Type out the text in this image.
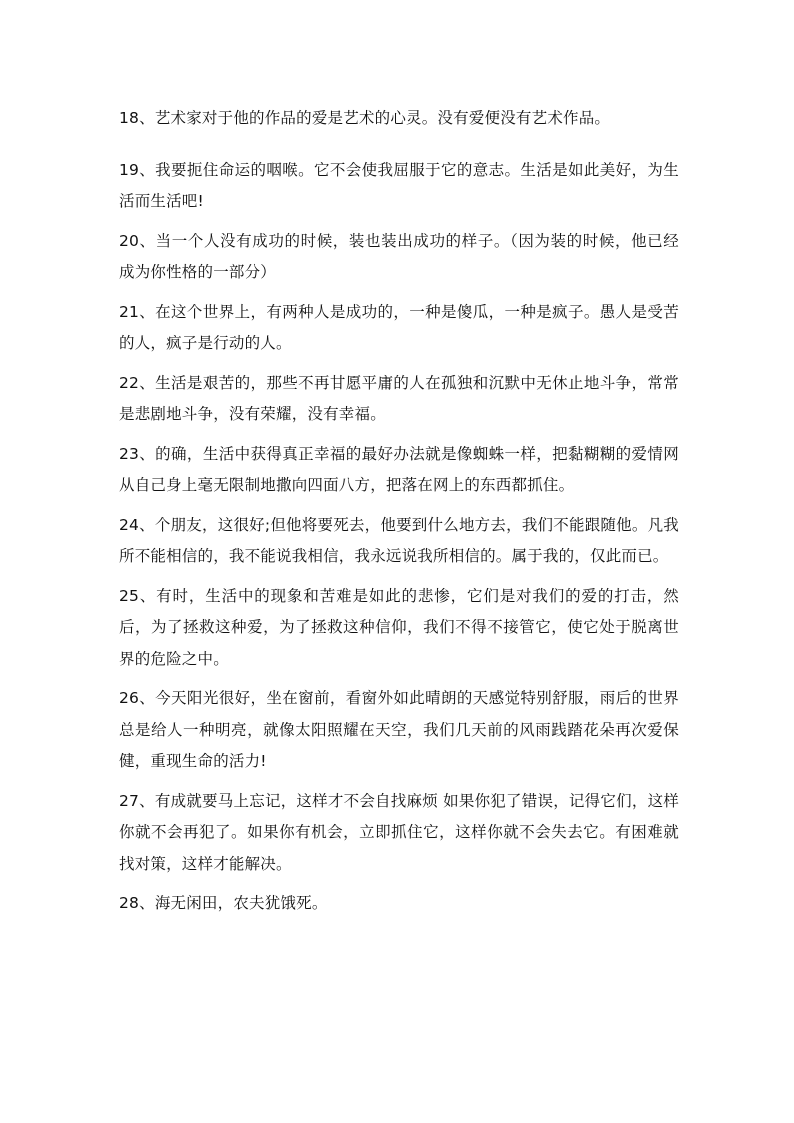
18、艺术家对于他的作品的爱是艺术的心灵。没有爱便没有艺术作品。

19、我要扼住命运的咽喉。它不会使我屈服于它的意志。生活是如此美好，为生活而生活吧!

20、当一个人没有成功的时候，装也装出成功的样子。（因为装的时候，他已经成为你性格的一部分）

21、在这个世界上，有两种人是成功的，一种是傻瓜，一种是疯子。愚人是受苦的人，疯子是行动的人。

22、生活是艰苦的，那些不再甘愿平庸的人在孤独和沉默中无休止地斗争，常常是悲剧地斗争，没有荣耀，没有幸福。

23、的确，生活中获得真正幸福的最好办法就是像蜘蛛一样，把黏糊糊的爱情网从自己身上毫无限制地撒向四面八方，把落在网上的东西都抓住。

24、个朋友，这很好;但他将要死去，他要到什么地方去，我们不能跟随他。凡我所不能相信的，我不能说我相信，我永远说我所相信的。属于我的，仅此而已。

25、有时，生活中的现象和苦难是如此的悲惨，它们是对我们的爱的打击，然后，为了拯救这种爱，为了拯救这种信仰，我们不得不接管它，使它处于脱离世界的危险之中。

26、今天阳光很好，坐在窗前，看窗外如此晴朗的天感觉特别舒服，雨后的世界总是给人一种明亮，就像太阳照耀在天空，我们几天前的风雨践踏花朵再次爱保健，重现生命的活力!

27、有成就要马上忘记，这样才不会自找麻烦 如果你犯了错误，记得它们，这样你就不会再犯了。如果你有机会，立即抓住它，这样你就不会失去它。有困难就找对策，这样才能解决。

28、海无闲田，农夫犹饿死。
